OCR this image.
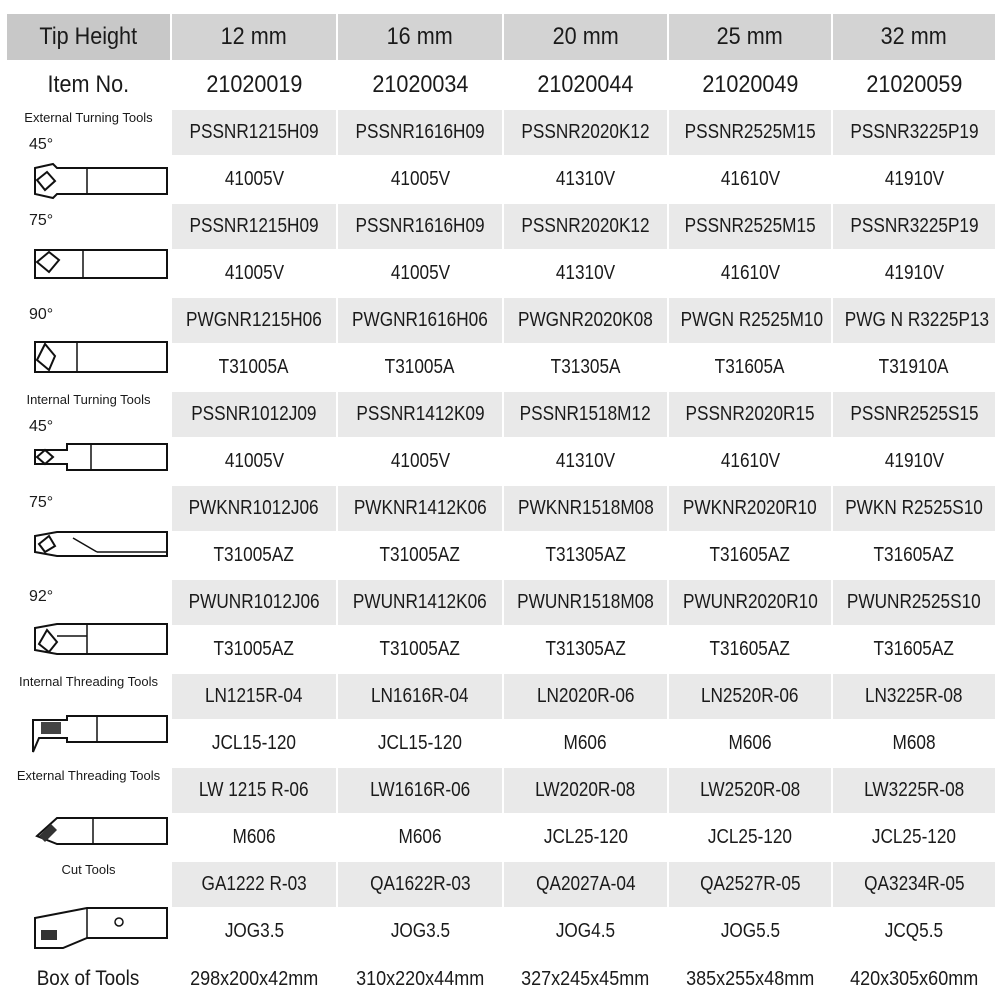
Tip Height	12 mm	16 mm	20 mm	25 mm	32 mm
Item No.	21020019	21020034	21020044	21020049	21020059

External Turning Tools
45°	PSSNR1215H09	PSSNR1616H09	PSSNR2020K12	PSSNR2525M15	PSSNR3225P19
	41005V	41005V	41310V	41610V	41910V

75°	PSSNR1215H09	PSSNR1616H09	PSSNR2020K12	PSSNR2525M15	PSSNR3225P19
	41005V	41005V	41310V	41610V	41910V

90°	PWGNR1215H06	PWGNR1616H06	PWGNR2020K08	PWGN R2525M10	PWG N R3225P13
	T31005A	T31005A	T31305A	T31605A	T31910A

Internal Turning Tools
45°	PSSNR1012J09	PSSNR1412K09	PSSNR1518M12	PSSNR2020R15	PSSNR2525S15
	41005V	41005V	41310V	41610V	41910V

75°	PWKNR1012J06	PWKNR1412K06	PWKNR1518M08	PWKNR2020R10	PWKN R2525S10
	T31005AZ	T31005AZ	T31305AZ	T31605AZ	T31605AZ

92°	PWUNR1012J06	PWUNR1412K06	PWUNR1518M08	PWUNR2020R10	PWUNR2525S10
	T31005AZ	T31005AZ	T31305AZ	T31605AZ	T31605AZ

Internal Threading Tools	LN1215R-04	LN1616R-04	LN2020R-06	LN2520R-06	LN3225R-08
	JCL15-120	JCL15-120	M606	M606	M608

External Threading Tools	LW 1215 R-06	LW1616R-06	LW2020R-08	LW2520R-08	LW3225R-08
	M606	M606	JCL25-120	JCL25-120	JCL25-120

Cut Tools	GA1222 R-03	QA1622R-03	QA2027A-04	QA2527R-05	QA3234R-05
	JOG3.5	JOG3.5	JOG4.5	JOG5.5	JCQ5.5
Box of Tools	298x200x42mm	310x220x44mm	327x245x45mm	385x255x48mm	420x305x60mm
